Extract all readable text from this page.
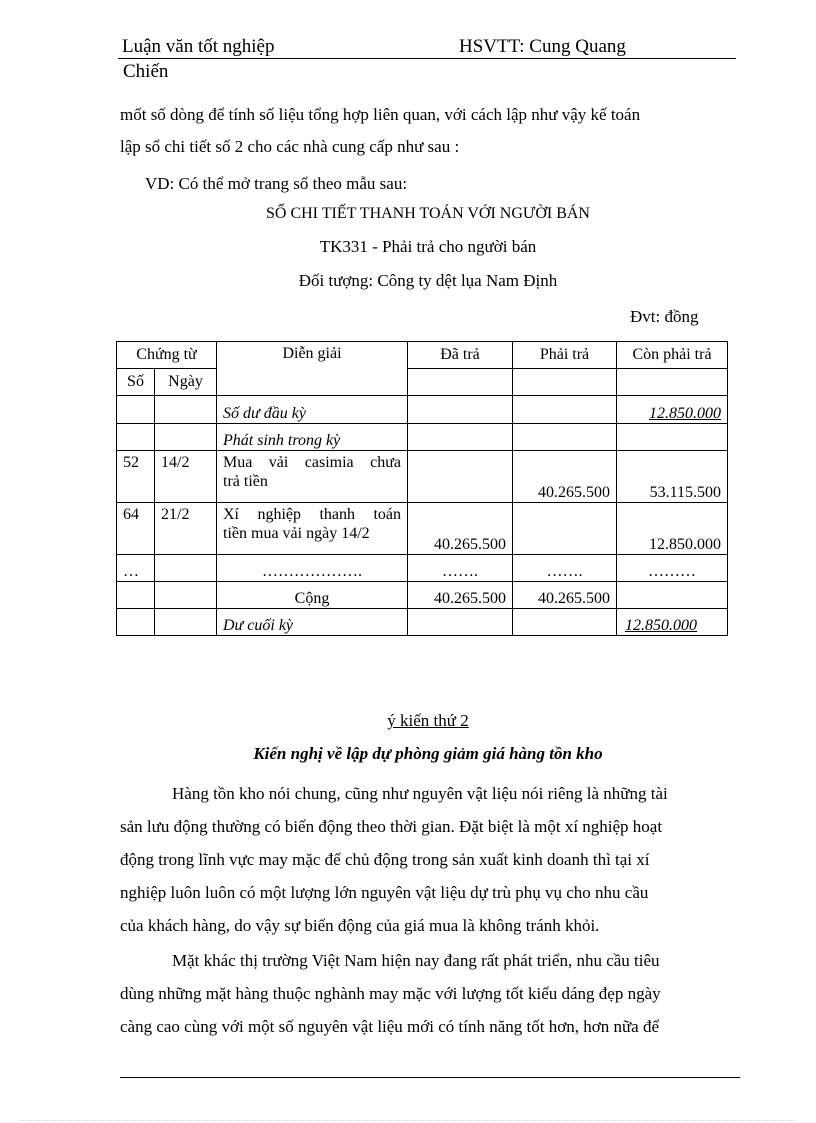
Luận văn tốt nghiệp	HSVTT: Cung Quang
Chiến
mốt số dòng để tính số liệu tổng hợp liên quan, với cách lập như vậy kế toán
lập sổ chi tiết số 2 cho các nhà cung cấp như sau :
VD: Có thể mở trang sổ theo mẫu sau:
SỔ CHI TIẾT THANH TOÁN VỚI NGƯỜI BÁN
TK331 - Phải trả cho người bán
Đối tượng: Công ty dệt lụa Nam Định
Đvt: đồng
Chứng từ		Diễn giải	Đã trả	Phải trả	Còn phải trả
Số	Ngày				
		Số dư đầu kỳ			12.850.000
		Phát sinh trong kỳ			
52	14/2	Mua vải casimia chưa
trả tiền		40.265.500	53.115.500
64	21/2	Xí nghiệp thanh toán
tiền mua vải ngày 14/2	40.265.500		12.850.000
…		……………….	…….	…….	………
		Cộng	40.265.500	40.265.500	
		Dư cuối kỳ			12.850.000
ý kiến thứ 2
Kiến nghị về lập dự phòng giảm giá hàng tồn kho
Hàng tồn kho nói chung, cũng như nguyên vật liệu nói riêng là những tài
sản lưu động thường có biến động theo thời gian. Đặt biệt là một xí nghiệp hoạt
động trong lĩnh vực may mặc để chủ động trong sản xuất kinh doanh thì tại xí
nghiệp luôn luôn có một lượng lớn nguyên vật liệu dự trù phụ vụ cho nhu cầu
của khách hàng, do vậy sự biến động của giá mua là không tránh khỏi.
Mặt khác thị trường Việt Nam hiện nay đang rất phát triển, nhu cầu tiêu
dùng những mặt hàng thuộc nghành may mặc với lượng tốt kiểu dáng đẹp ngày
càng cao cùng với một số nguyên vật liệu mới có tính năng tốt hơn, hơn nữa để
